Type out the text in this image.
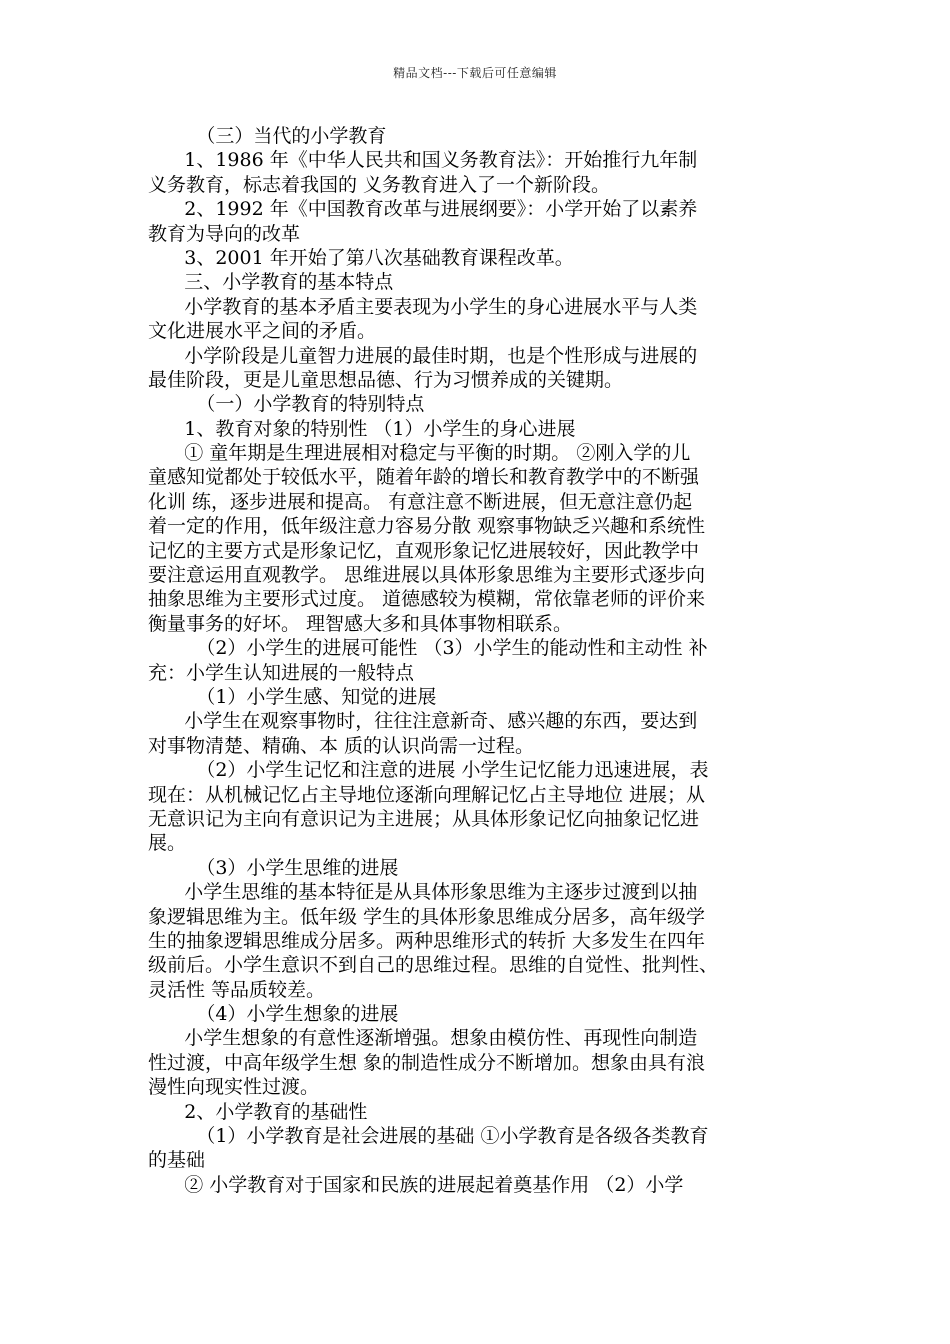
精品文档---下载后可任意编辑
（三）当代的小学教育
1、1986 年《中华人民共和国义务教育法》：开始推行九年制
义务教育，标志着我国的 义务教育进入了一个新阶段。
2、1992 年《中国教育改革与进展纲要》：小学开始了以素养
教育为导向的改革
3、2001 年开始了第八次基础教育课程改革。
三、小学教育的基本特点
小学教育的基本矛盾主要表现为小学生的身心进展水平与人类
文化进展水平之间的矛盾。
小学阶段是儿童智力进展的最佳时期，也是个性形成与进展的
最佳阶段，更是儿童思想品德、行为习惯养成的关键期。
（一）小学教育的特别特点
1、教育对象的特别性 （1）小学生的身心进展
① 童年期是生理进展相对稳定与平衡的时期。 ②刚入学的儿
童感知觉都处于较低水平，随着年龄的增长和教育教学中的不断强
化训 练，逐步进展和提高。 有意注意不断进展，但无意注意仍起
着一定的作用，低年级注意力容易分散 观察事物缺乏兴趣和系统性
记忆的主要方式是形象记忆，直观形象记忆进展较好，因此教学中
要注意运用直观教学。 思维进展以具体形象思维为主要形式逐步向
抽象思维为主要形式过度。 道德感较为模糊，常依靠老师的评价来
衡量事务的好坏。 理智感大多和具体事物相联系。
（2）小学生的进展可能性 （3）小学生的能动性和主动性 补
充：小学生认知进展的一般特点
（1）小学生感、知觉的进展
小学生在观察事物时，往往注意新奇、感兴趣的东西，要达到
对事物清楚、精确、本 质的认识尚需一过程。
（2）小学生记忆和注意的进展 小学生记忆能力迅速进展，表
现在：从机械记忆占主导地位逐渐向理解记忆占主导地位 进展；从
无意识记为主向有意识记为主进展；从具体形象记忆向抽象记忆进
展。
（3）小学生思维的进展
小学生思维的基本特征是从具体形象思维为主逐步过渡到以抽
象逻辑思维为主。低年级 学生的具体形象思维成分居多，高年级学
生的抽象逻辑思维成分居多。两种思维形式的转折 大多发生在四年
级前后。小学生意识不到自己的思维过程。思维的自觉性、批判性、
灵活性 等品质较差。
（4）小学生想象的进展
小学生想象的有意性逐渐增强。想象由模仿性、再现性向制造
性过渡，中高年级学生想 象的制造性成分不断增加。想象由具有浪
漫性向现实性过渡。
2、小学教育的基础性
（1）小学教育是社会进展的基础 ①小学教育是各级各类教育
的基础
② 小学教育对于国家和民族的进展起着奠基作用 （2）小学
